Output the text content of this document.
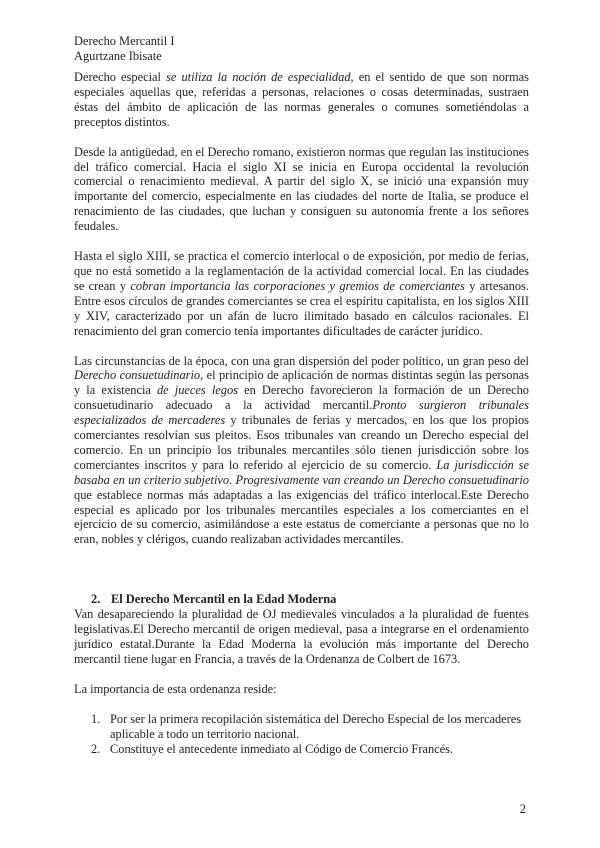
Derecho Mercantil I
Agurtzane Ibisate

Derecho especial se utiliza la noción de especialidad, en el sentido de que son normas especiales aquellas que, referidas a personas, relaciones o cosas determinadas, sustraen éstas del ámbito de aplicación de las normas generales o comunes sometiéndolas a preceptos distintos.

Desde la antigüedad, en el Derecho romano, existieron normas que regulan las instituciones del tráfico comercial. Hacia el siglo XI se inicia en Europa occidental la revolución comercial o renacimiento medieval. A partir del siglo X, se inició una expansión muy importante del comercio, especialmente en las ciudades del norte de Italia, se produce el renacimiento de las ciudades, que luchan y consiguen su autonomía frente a los señores feudales.

Hasta el siglo XIII, se practica el comercio interlocal o de exposición, por medio de ferias, que no está sometido a la reglamentación de la actividad comercial local. En las ciudades se crean y cobran importancia las corporaciones y gremios de comerciantes y artesanos. Entre esos círculos de grandes comerciantes se crea el espíritu capitalista, en los siglos XIII y XIV, caracterizado por un afán de lucro ilimitado basado en cálculos racionales. El renacimiento del gran comercio tenía importantes dificultades de carácter jurídico.

Las circunstancias de la época, con una gran dispersión del poder político, un gran peso del Derecho consuetudinario, el principio de aplicación de normas distintas según las personas y la existencia de jueces legos en Derecho favorecieron la formación de un Derecho consuetudinario adecuado a la actividad mercantil.Pronto surgieron tribunales especializados de mercaderes y tribunales de ferias y mercados, en los que los propios comerciantes resolvían sus pleitos. Esos tribunales van creando un Derecho especial del comercio. En un principio los tribunales mercantiles sólo tienen jurisdicción sobre los comerciantes inscritos y para lo referido al ejercicio de su comercio. La jurisdicción se basaba en un criterio subjetivo. Progresivamente van creando un Derecho consuetudinario que establece normas más adaptadas a las exigencias del tráfico interlocal.Este Derecho especial es aplicado por los tribunales mercantiles especiales a los comerciantes en el ejercicio de su comercio, asimilándose a este estatus de comerciante a personas que no lo eran, nobles y clérigos, cuando realizaban actividades mercantiles.

2. El Derecho Mercantil en la Edad Moderna

Van desapareciendo la pluralidad de OJ medievales vinculados a la pluralidad de fuentes legislativas.El Derecho mercantil de origen medieval, pasa a integrarse en el ordenamiento jurídico estatal.Durante la Edad Moderna la evolución más importante del Derecho mercantil tiene lugar en Francia, a través de la Ordenanza de Colbert de 1673.

La importancia de esta ordenanza reside:

1. Por ser la primera recopilación sistemática del Derecho Especial de los mercaderes aplicable a todo un territorio nacional.
2. Constituye el antecedente inmediato al Código de Comercio Francés.
2
